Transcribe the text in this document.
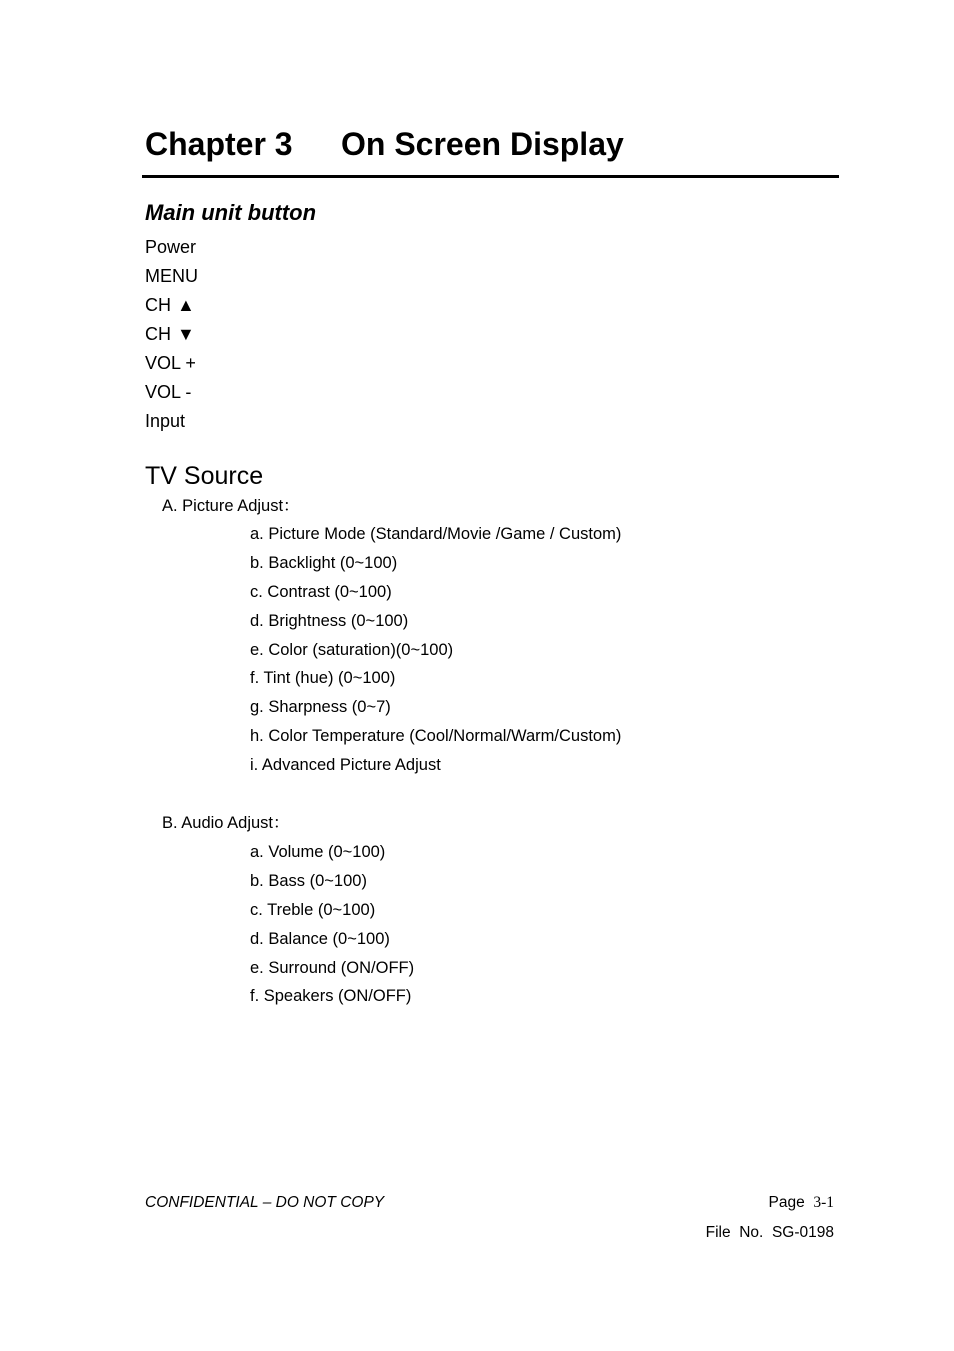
Chapter 3 On Screen Display
Main unit button
Power
MENU
CH ▲
CH ▼
VOL +
VOL -
Input
TV Source
A. Picture Adjust：
a. Picture Mode (Standard/Movie /Game / Custom)
b. Backlight (0~100)
c. Contrast (0~100)
d. Brightness (0~100)
e. Color (saturation)(0~100)
f. Tint (hue) (0~100)
g. Sharpness (0~7)
h. Color Temperature (Cool/Normal/Warm/Custom)
i. Advanced Picture Adjust
B. Audio Adjust：
a. Volume (0~100)
b. Bass (0~100)
c. Treble (0~100)
d. Balance (0~100)
e. Surround (ON/OFF)
f. Speakers (ON/OFF)
CONFIDENTIAL – DO NOT COPY	Page 3-1
File  No. SG-0198
